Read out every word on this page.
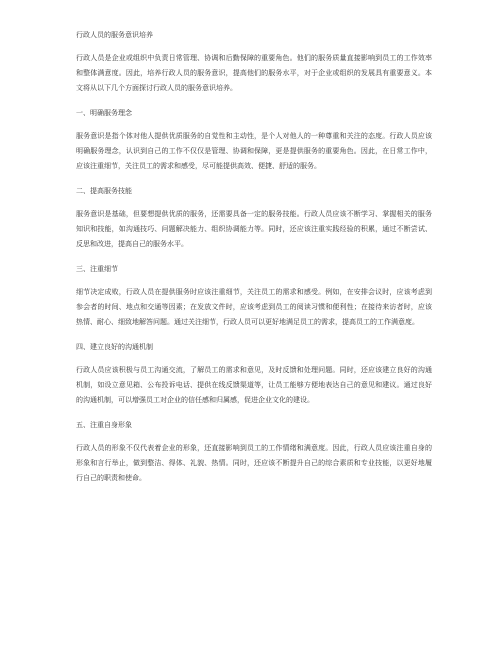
行政人员的服务意识培养

行政人员是企业或组织中负责日常管理、协调和后勤保障的重要角色。他们的服务质量直接影响到员工的工作效率和整体满意度。因此，培养行政人员的服务意识，提高他们的服务水平，对于企业或组织的发展具有重要意义。本文将从以下几个方面探讨行政人员的服务意识培养。

一、明确服务理念

服务意识是指个体对他人提供优质服务的自觉性和主动性，是个人对他人的一种尊重和关注的态度。行政人员应该明确服务理念，认识到自己的工作不仅仅是管理、协调和保障，更是提供服务的重要角色。因此，在日常工作中，应该注重细节，关注员工的需求和感受，尽可能提供高效、便捷、舒适的服务。

二、提高服务技能

服务意识是基础，但要想提供优质的服务，还需要具备一定的服务技能。行政人员应该不断学习、掌握相关的服务知识和技能，如沟通技巧、问题解决能力、组织协调能力等。同时，还应该注重实践经验的积累，通过不断尝试、反思和改进，提高自己的服务水平。

三、注重细节

细节决定成败，行政人员在提供服务时应该注重细节，关注员工的需求和感受。例如，在安排会议时，应该考虑到参会者的时间、地点和交通等因素；在发放文件时，应该考虑到员工的阅读习惯和便利性；在接待来访者时，应该热情、耐心、细致地解答问题。通过关注细节，行政人员可以更好地满足员工的需求，提高员工的工作满意度。

四、建立良好的沟通机制

行政人员应该积极与员工沟通交流，了解员工的需求和意见，及时反馈和处理问题。同时，还应该建立良好的沟通机制，如设立意见箱、公布投诉电话、提供在线反馈渠道等，让员工能够方便地表达自己的意见和建议。通过良好的沟通机制，可以增强员工对企业的信任感和归属感，促进企业文化的建设。

五、注重自身形象

行政人员的形象不仅代表着企业的形象，还直接影响到员工的工作情绪和满意度。因此，行政人员应该注重自身的形象和言行举止，做到整洁、得体、礼貌、热情。同时，还应该不断提升自己的综合素质和专业技能，以更好地履行自己的职责和使命。
